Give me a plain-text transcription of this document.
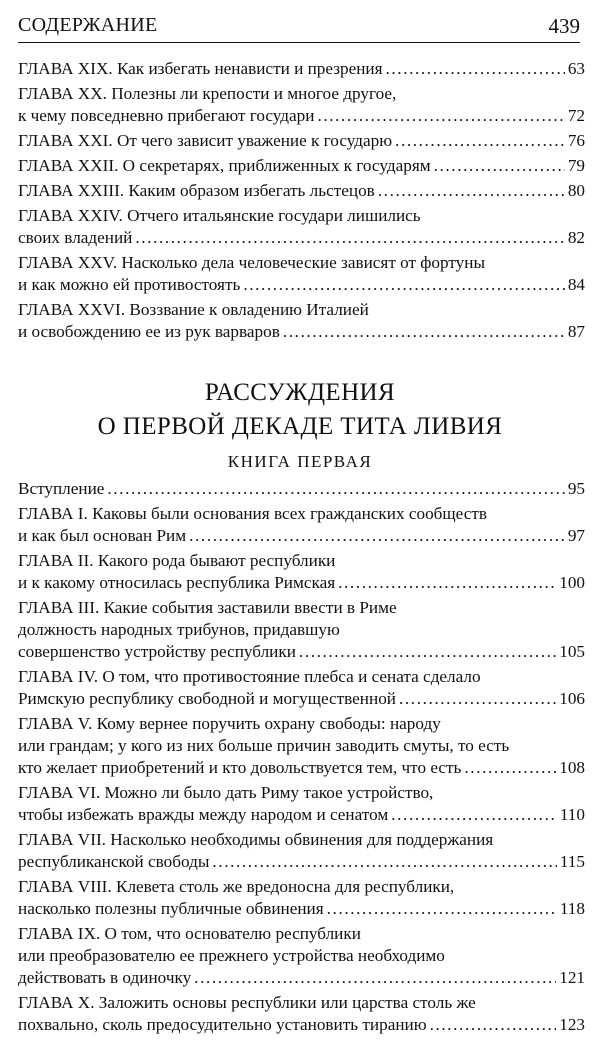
СОДЕРЖАНИЕ	439
ГЛАВА XIX. Как избегать ненависти и презрения .....	63
ГЛАВА XX. Полезны ли крепости и многое другое,
к чему повседневно прибегают государи .....	72
ГЛАВА XXI. От чего зависит уважение к государю .....	76
ГЛАВА XXII. О секретарях, приближенных к государям .....	79
ГЛАВА XXIII. Каким образом избегать льстецов .....	80
ГЛАВА XXIV. Отчего итальянские государи лишились
своих владений .....	82
ГЛАВА XXV. Насколько дела человеческие зависят от фортуны
и как можно ей противостоять .....	84
ГЛАВА XXVI. Воззвание к овладению Италией
и освобождению ее из рук варваров .....	87
РАССУЖДЕНИЯ
О ПЕРВОЙ ДЕКАДЕ ТИТА ЛИВИЯ
КНИГА ПЕРВАЯ
Вступление .....	95
ГЛАВА I. Каковы были основания всех гражданских сообществ
и как был основан Рим .....	97
ГЛАВА II. Какого рода бывают республики
и к какому относилась республика Римская .....	100
ГЛАВА III. Какие события заставили ввести в Риме
должность народных трибунов, придавшую
совершенство устройству республики .....	105
ГЛАВА IV. О том, что противостояние плебса и сената сделало
Римскую республику свободной и могущественной .....	106
ГЛАВА V. Кому вернее поручить охрану свободы: народу
или грандам; у кого из них больше причин заводить смуты, то есть
кто желает приобретений и кто довольствуется тем, что есть .....	108
ГЛАВА VI. Можно ли было дать Риму такое устройство,
чтобы избежать вражды между народом и сенатом .....	110
ГЛАВА VII. Насколько необходимы обвинения для поддержания
республиканской свободы .....	115
ГЛАВА VIII. Клевета столь же вредоносна для республики,
насколько полезны публичные обвинения .....	118
ГЛАВА IX. О том, что основателю республики
или преобразователю ее прежнего устройства необходимо
действовать в одиночку .....	121
ГЛАВА X. Заложить основы республики или царства столь же
похвально, сколь предосудительно установить тиранию .....	123
